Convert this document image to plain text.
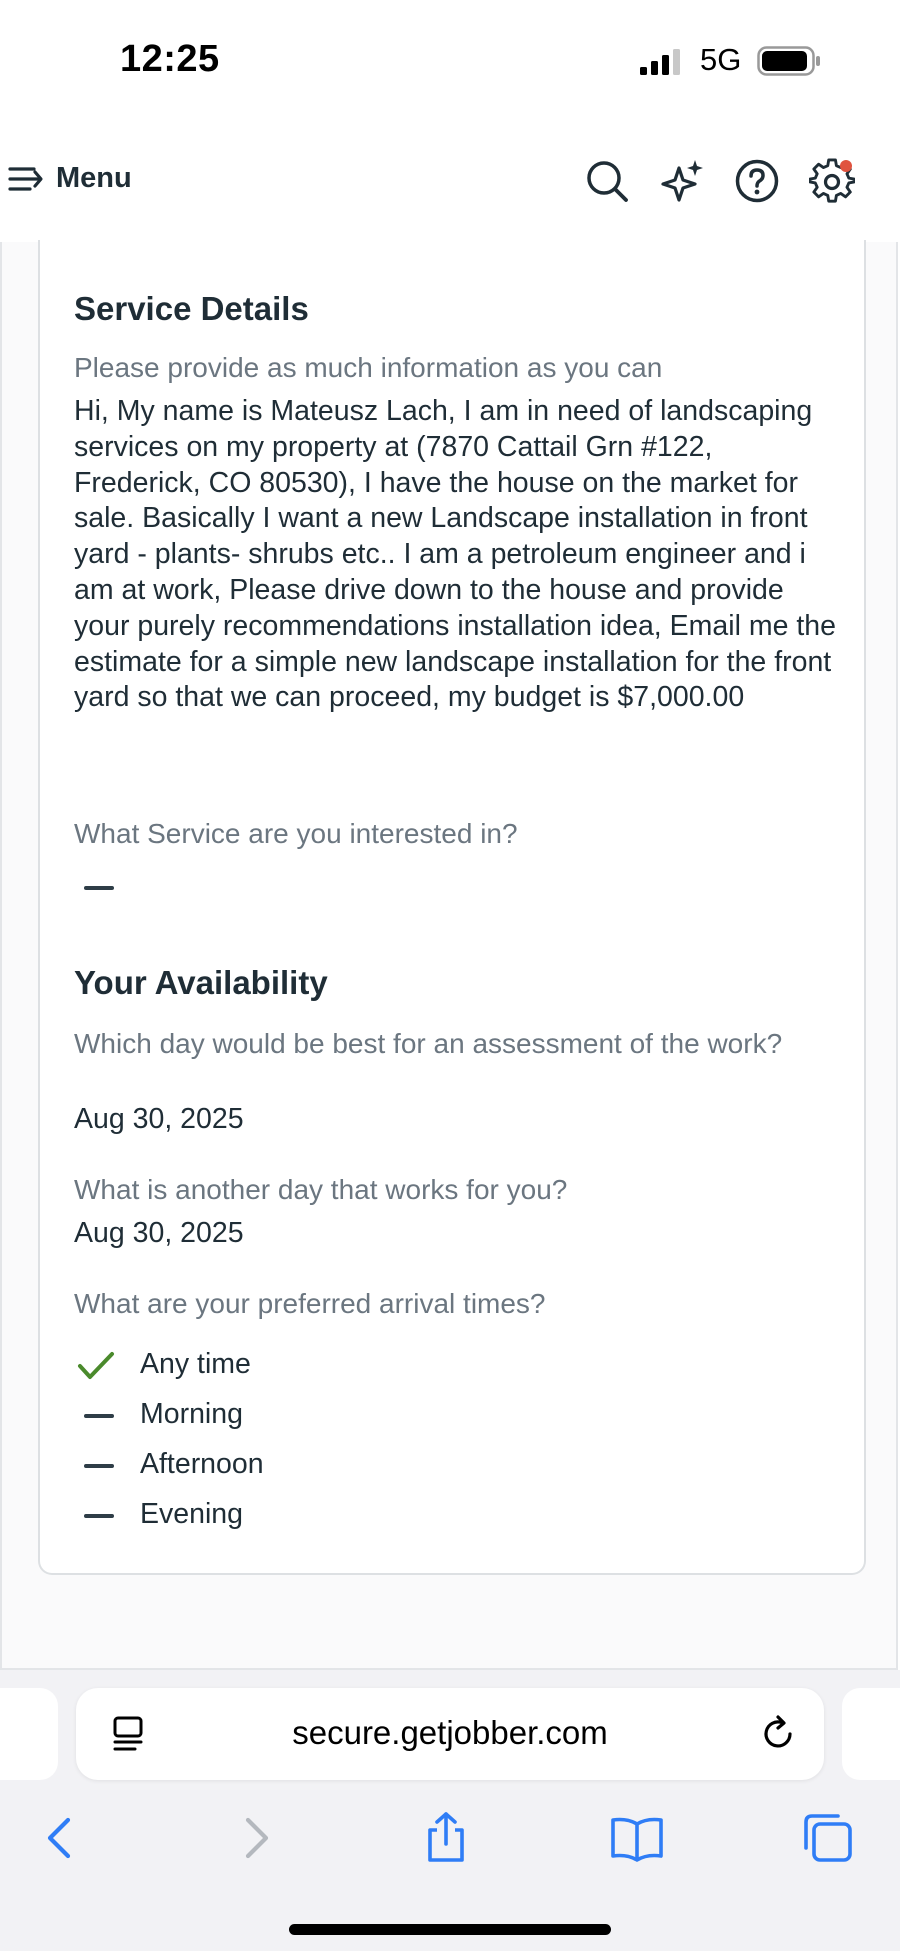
12:25	5G
Menu
Service Details
Please provide as much information as you can
Hi, My name is Mateusz Lach, I am in need of landscaping services on my property at (7870 Cattail Grn #122, Frederick, CO 80530), I have the house on the market for sale. Basically I want a new Landscape installation in front yard - plants- shrubs etc.. I am a petroleum engineer and i am at work, Please drive down to the house and provide your purely recommendations installation idea, Email me the estimate for a simple new landscape installation for the front yard so that we can proceed, my budget is $7,000.00
What Service are you interested in?
Your Availability
Which day would be best for an assessment of the work?
Aug 30, 2025
What is another day that works for you?
Aug 30, 2025
What are your preferred arrival times?
Any time
Morning
Afternoon
Evening
secure.getjobber.com
